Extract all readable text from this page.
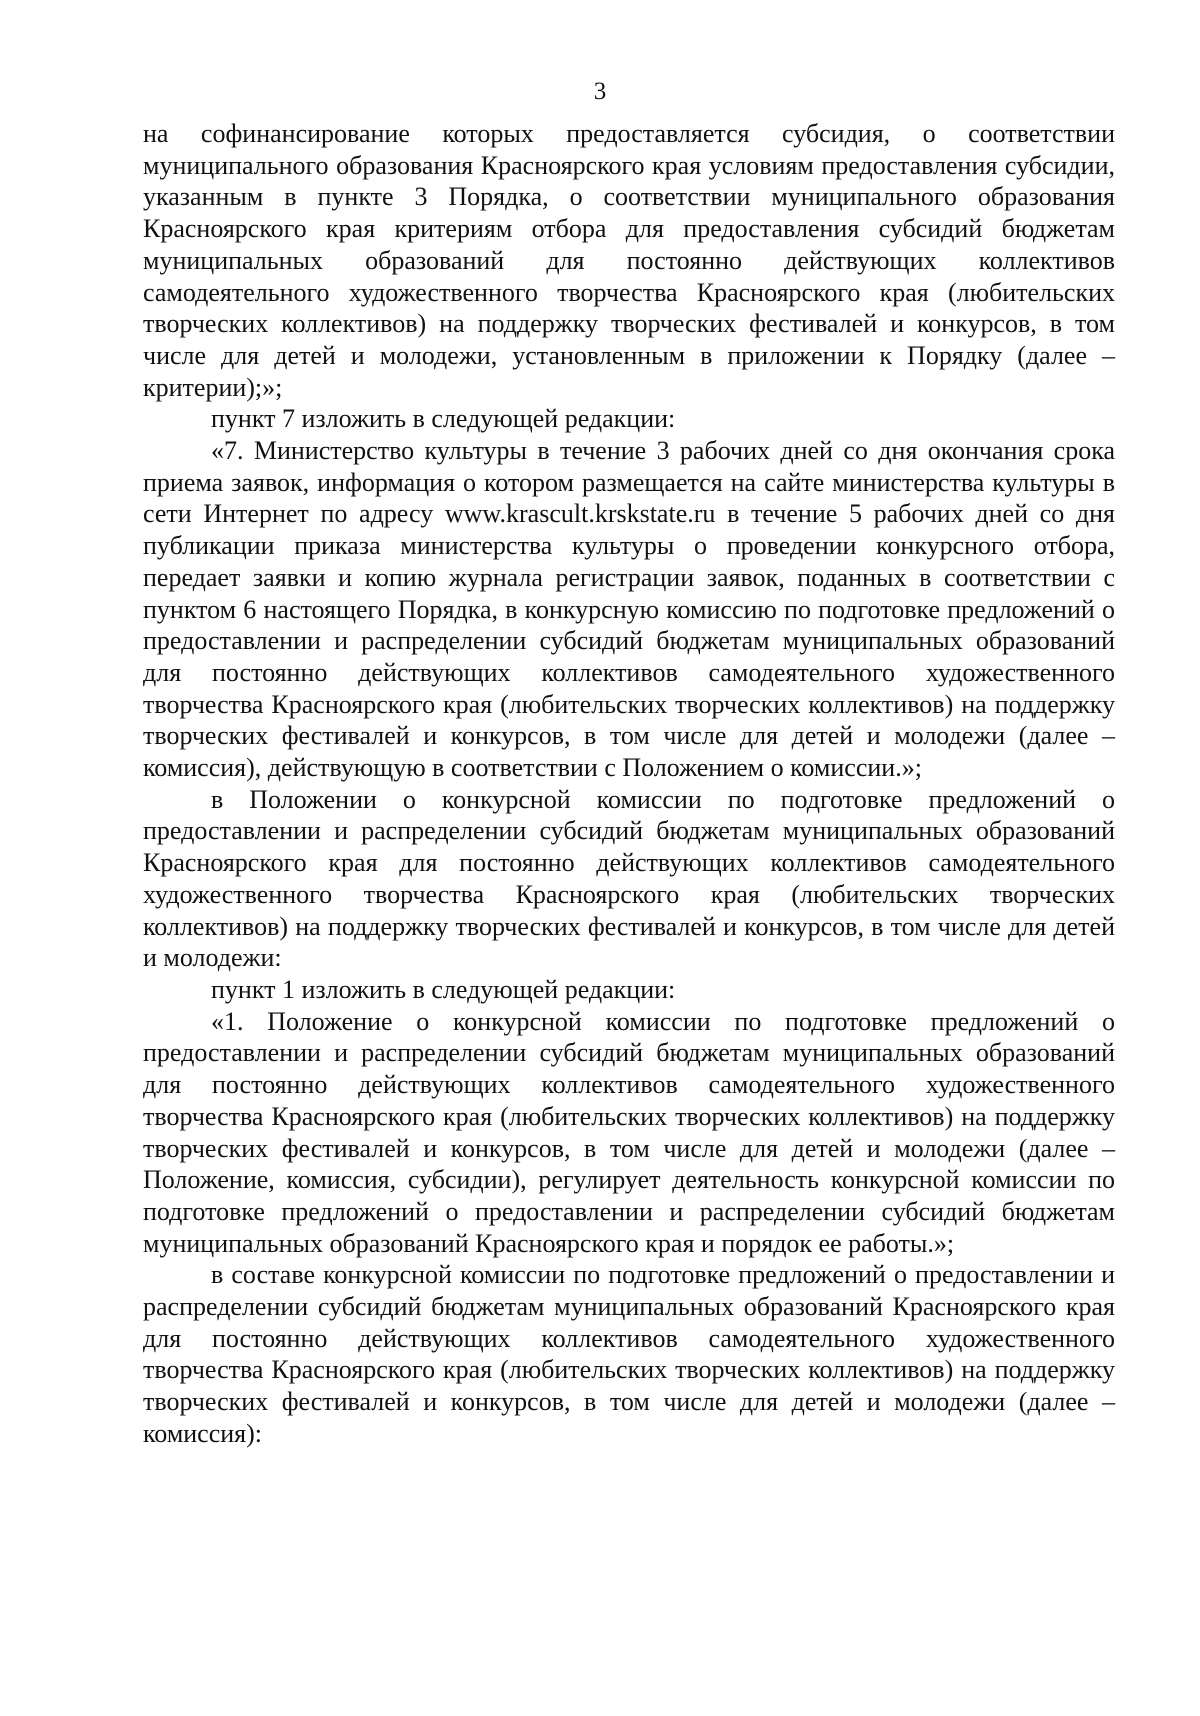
3

на софинансирование которых предоставляется субсидия, о соответствии муниципального образования Красноярского края условиям предоставления субсидии, указанным в пункте 3 Порядка, о соответствии муниципального образования Красноярского края критериям отбора для предоставления субсидий бюджетам муниципальных образований для постоянно действующих коллективов самодеятельного художественного творчества Красноярского края (любительских творческих коллективов) на поддержку творческих фестивалей и конкурсов, в том числе для детей и молодежи, установленным в приложении к Порядку (далее – критерии);»;

пункт 7 изложить в следующей редакции:

«7. Министерство культуры в течение 3 рабочих дней со дня окончания срока приема заявок, информация о котором размещается на сайте министерства культуры в сети Интернет по адресу www.krascult.krskstate.ru в течение 5 рабочих дней со дня публикации приказа министерства культуры о проведении конкурсного отбора, передает заявки и копию журнала регистрации заявок, поданных в соответствии с пунктом 6 настоящего Порядка, в конкурсную комиссию по подготовке предложений о предоставлении и распределении субсидий бюджетам муниципальных образований для постоянно действующих коллективов самодеятельного художественного творчества Красноярского края (любительских творческих коллективов) на поддержку творческих фестивалей и конкурсов, в том числе для детей и молодежи (далее – комиссия), действующую в соответствии с Положением о комиссии.»;

в Положении о конкурсной комиссии по подготовке предложений о предоставлении и распределении субсидий бюджетам муниципальных образований Красноярского края для постоянно действующих коллективов самодеятельного художественного творчества Красноярского края (любительских творческих коллективов) на поддержку творческих фестивалей и конкурсов, в том числе для детей и молодежи:

пункт 1 изложить в следующей редакции:

«1. Положение о конкурсной комиссии по подготовке предложений о предоставлении и распределении субсидий бюджетам муниципальных образований для постоянно действующих коллективов самодеятельного художественного творчества Красноярского края (любительских творческих коллективов) на поддержку творческих фестивалей и конкурсов, в том числе для детей и молодежи (далее – Положение, комиссия, субсидии), регулирует деятельность конкурсной комиссии по подготовке предложений о предоставлении и распределении субсидий бюджетам муниципальных образований Красноярского края и порядок ее работы.»;

в составе конкурсной комиссии по подготовке предложений о предоставлении и распределении субсидий бюджетам муниципальных образований Красноярского края для постоянно действующих коллективов самодеятельного художественного творчества Красноярского края (любительских творческих коллективов) на поддержку творческих фестивалей и конкурсов, в том числе для детей и молодежи (далее – комиссия):
